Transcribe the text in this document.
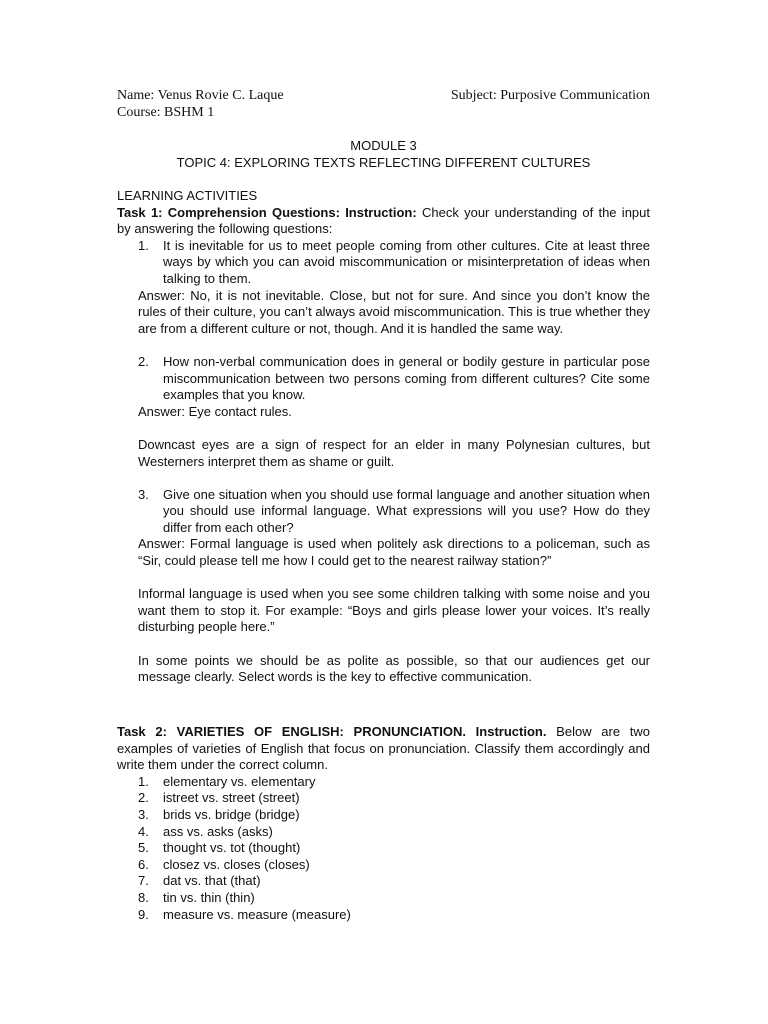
Name: Venus Rovie C. Laque	Subject: Purposive Communication
Course: BSHM 1
MODULE 3
TOPIC 4: EXPLORING TEXTS REFLECTING DIFFERENT CULTURES
LEARNING ACTIVITIES
Task 1: Comprehension Questions: Instruction: Check your understanding of the input by answering the following questions:
1.	It is inevitable for us to meet people coming from other cultures. Cite at least three ways by which you can avoid miscommunication or misinterpretation of ideas when talking to them.
Answer: No, it is not inevitable. Close, but not for sure. And since you don’t know the rules of their culture, you can’t always avoid miscommunication. This is true whether they are from a different culture or not, though. And it is handled the same way.
2.	How non-verbal communication does in general or bodily gesture in particular pose miscommunication between two persons coming from different cultures? Cite some examples that you know.
Answer: Eye contact rules.
Downcast eyes are a sign of respect for an elder in many Polynesian cultures, but Westerners interpret them as shame or guilt.
3.	Give one situation when you should use formal language and another situation when you should use informal language. What expressions will you use? How do they differ from each other?
Answer: Formal language is used when politely ask directions to a policeman, such as “Sir, could please tell me how I could get to the nearest railway station?”
Informal language is used when you see some children talking with some noise and you want them to stop it. For example: “Boys and girls please lower your voices. It’s really disturbing people here.”
In some points we should be as polite as possible, so that our audiences get our message clearly. Select words is the key to effective communication.
Task 2: VARIETIES OF ENGLISH: PRONUNCIATION. Instruction. Below are two examples of varieties of English that focus on pronunciation. Classify them accordingly and write them under the correct column.
1.	elementary vs. elementary
2.	istreet vs. street (street)
3.	brids vs. bridge (bridge)
4.	ass vs. asks (asks)
5.	thought vs. tot (thought)
6.	closez vs. closes (closes)
7.	dat vs. that (that)
8.	tin vs. thin (thin)
9.	measure vs. measure (measure)
